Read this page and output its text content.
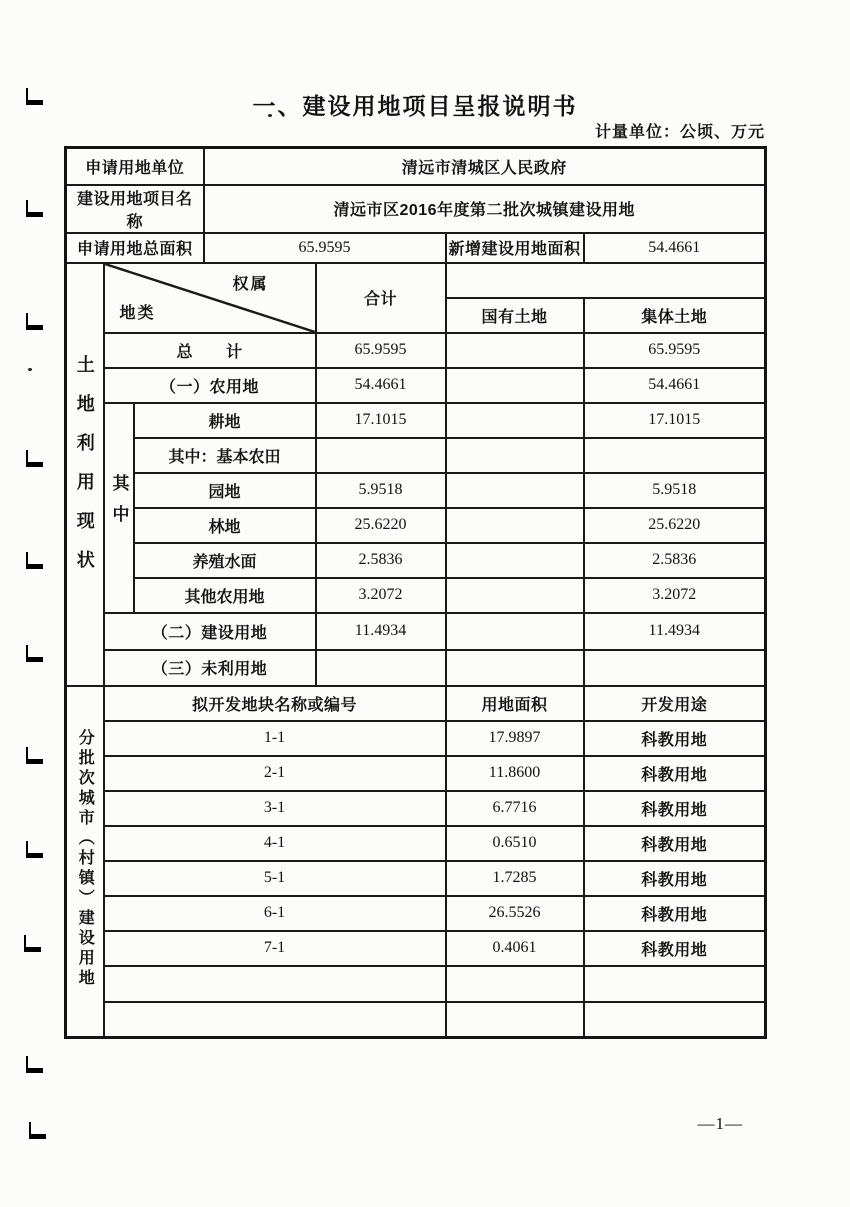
一、建设用地项目呈报说明书
计量单位：公顷、万元
申请用地单位			清远市清城区人民政府			
建设用地项目名称			清远市区2016年度第二批次城镇建设用地			
申请用地总面积			65.9595		新增建设用地面积	54.4661
土地利用现状	权属
地类			合计		
					国有土地	集体土地
	总　　计			65.9595		65.9595
	（一）农用地			54.4661		54.4661
	其中	耕地		17.1015		17.1015
		其中：基本农田				
		园地		5.9518		5.9518
		林地		25.6220		25.6220
		养殖水面		2.5836		2.5836
		其他农用地		3.2072		3.2072
	（二）建设用地			11.4934		11.4934
	（三）未利用地					
分批次城市（村镇）建设用地	拟开发地块名称或编号				用地面积	开发用途
	1-1				17.9897	科教用地
	2-1				11.8600	科教用地
	3-1				6.7716	科教用地
	4-1				0.6510	科教用地
	5-1				1.7285	科教用地
	6-1				26.5526	科教用地
	7-1				0.4061	科教用地

—1—
